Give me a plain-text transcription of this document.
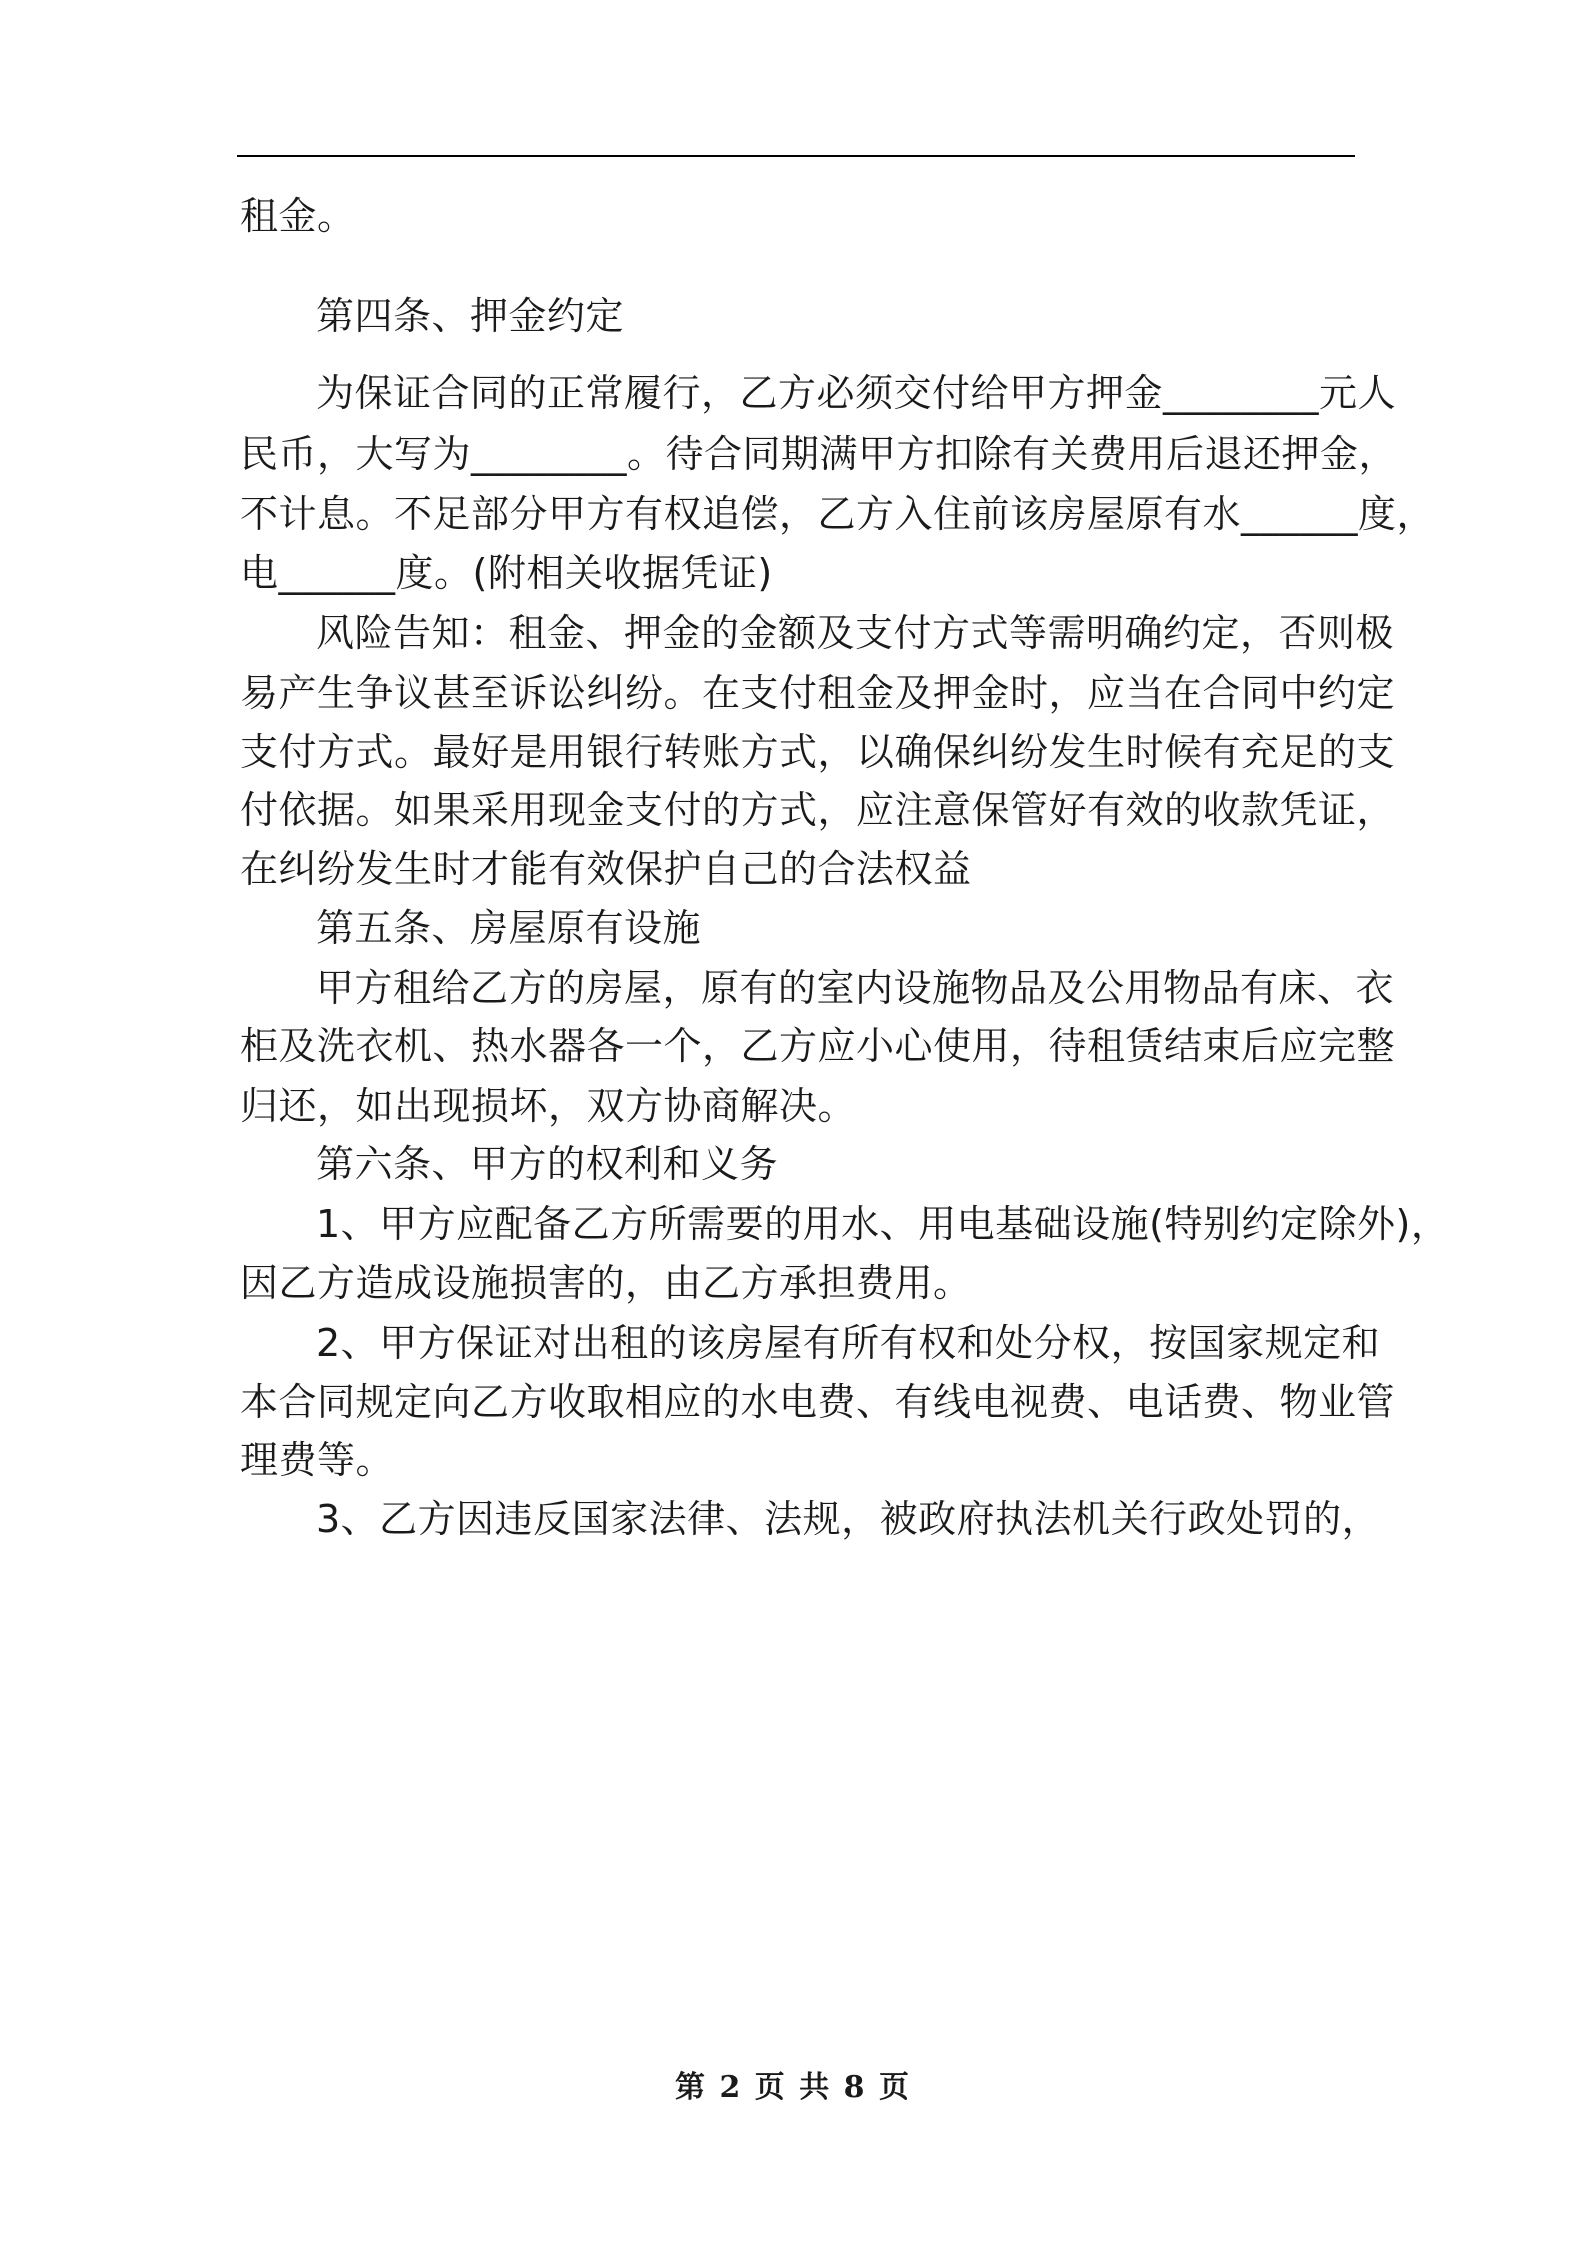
租金。
第四条、押金约定
为保证合同的正常履行，乙方必须交付给甲方押金________元人
民币，大写为________。待合同期满甲方扣除有关费用后退还押金，
不计息。不足部分甲方有权追偿，乙方入住前该房屋原有水______度，
电______度。(附相关收据凭证)
风险告知：租金、押金的金额及支付方式等需明确约定，否则极
易产生争议甚至诉讼纠纷。在支付租金及押金时，应当在合同中约定
支付方式。最好是用银行转账方式，以确保纠纷发生时候有充足的支
付依据。如果采用现金支付的方式，应注意保管好有效的收款凭证，
在纠纷发生时才能有效保护自己的合法权益
第五条、房屋原有设施
甲方租给乙方的房屋，原有的室内设施物品及公用物品有床、衣
柜及洗衣机、热水器各一个，乙方应小心使用，待租赁结束后应完整
归还，如出现损坏，双方协商解决。
第六条、甲方的权利和义务
1、甲方应配备乙方所需要的用水、用电基础设施(特别约定除外)，
因乙方造成设施损害的，由乙方承担费用。
2、甲方保证对出租的该房屋有所有权和处分权，按国家规定和
本合同规定向乙方收取相应的水电费、有线电视费、电话费、物业管
理费等。
3、乙方因违反国家法律、法规，被政府执法机关行政处罚的，
第 2 页 共 8 页
